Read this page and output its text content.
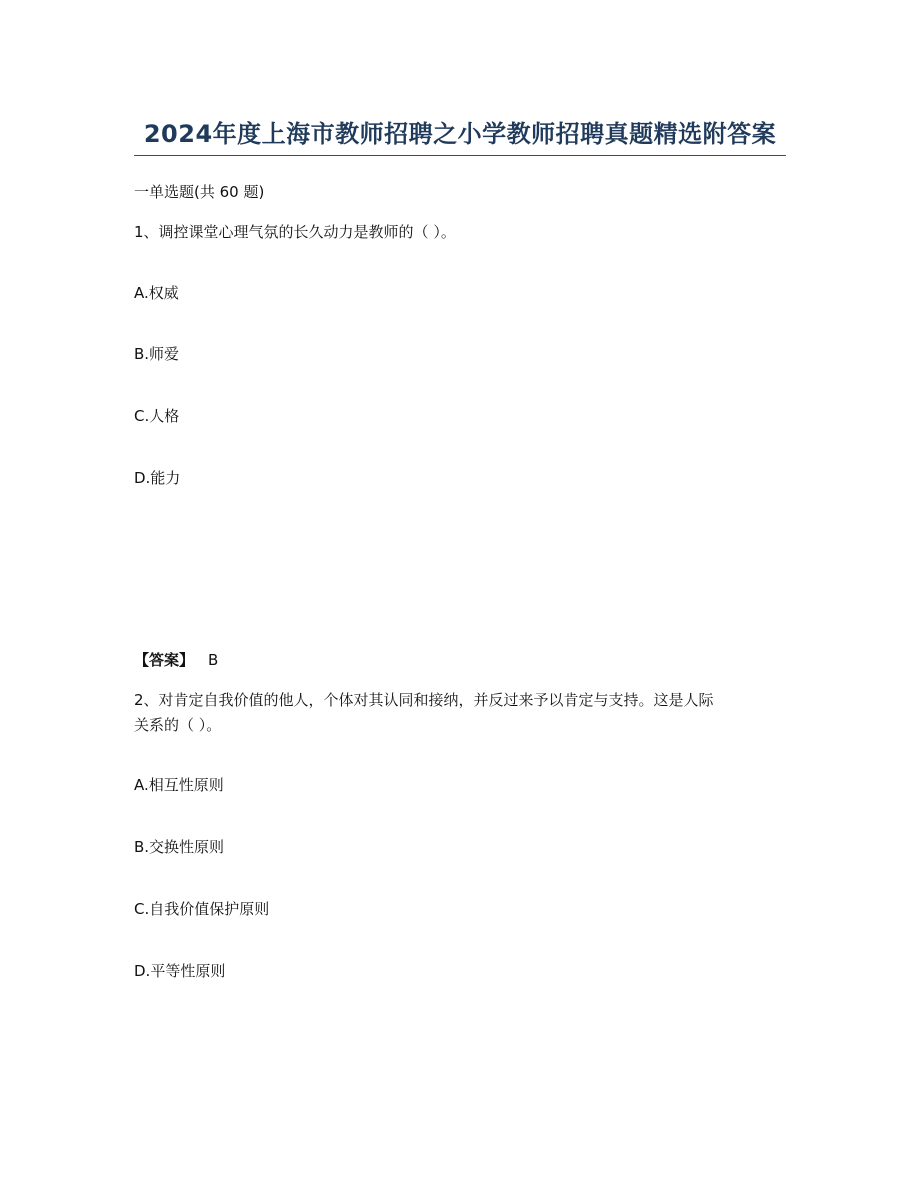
2024年度上海市教师招聘之小学教师招聘真题精选附答案
一单选题(共 60 题)
1、调控课堂心理气氛的长久动力是教师的（ ）。
A.权威
B.师爱
C.人格
D.能力
【答案】 B
2、对肯定自我价值的他人，个体对其认同和接纳，并反过来予以肯定与支持。这是人际
关系的（ ）。
A.相互性原则
B.交换性原则
C.自我价值保护原则
D.平等性原则
